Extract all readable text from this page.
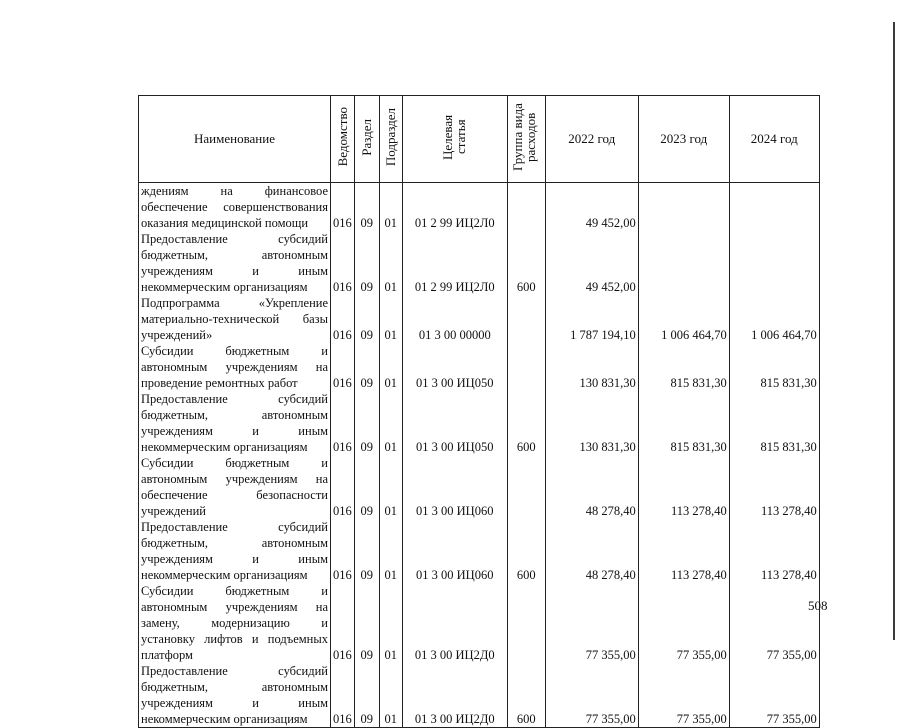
Наименование	Ведомство	Раздел	Подраздел	Целевая статья	Группа вида расходов	2022 год	2023 год	2024 год
ждениям на финансовое обеспечение совершенствования оказания медицинской помощи	016	09	01	01 2 99 ИЦ2Л0		49 452,00		
Предоставление субсидий бюджетным, автономным учреждениям и иным некоммерческим организациям	016	09	01	01 2 99 ИЦ2Л0	600	49 452,00		
Подпрограмма «Укрепление материально-технической базы учреждений»	016	09	01	01 3 00 00000		1 787 194,10	1 006 464,70	1 006 464,70
Субсидии бюджетным и автономным учреждениям на проведение ремонтных работ	016	09	01	01 3 00 ИЦ050		130 831,30	815 831,30	815 831,30
Предоставление субсидий бюджетным, автономным учреждениям и иным некоммерческим организациям	016	09	01	01 3 00 ИЦ050	600	130 831,30	815 831,30	815 831,30
Субсидии бюджетным и автономным учреждениям на обеспечение безопасности учреждений	016	09	01	01 3 00 ИЦ060		48 278,40	113 278,40	113 278,40
Предоставление субсидий бюджетным, автономным учреждениям и иным некоммерческим организациям	016	09	01	01 3 00 ИЦ060	600	48 278,40	113 278,40	113 278,40
Субсидии бюджетным и автономным учреждениям на замену, модернизацию и установку лифтов и подъемных платформ	016	09	01	01 3 00 ИЦ2Д0		77 355,00	77 355,00	77 355,00
Предоставление субсидий бюджетным, автономным учреждениям и иным некоммерческим организациям	016	09	01	01 3 00 ИЦ2Д0	600	77 355,00	77 355,00	77 355,00
508
